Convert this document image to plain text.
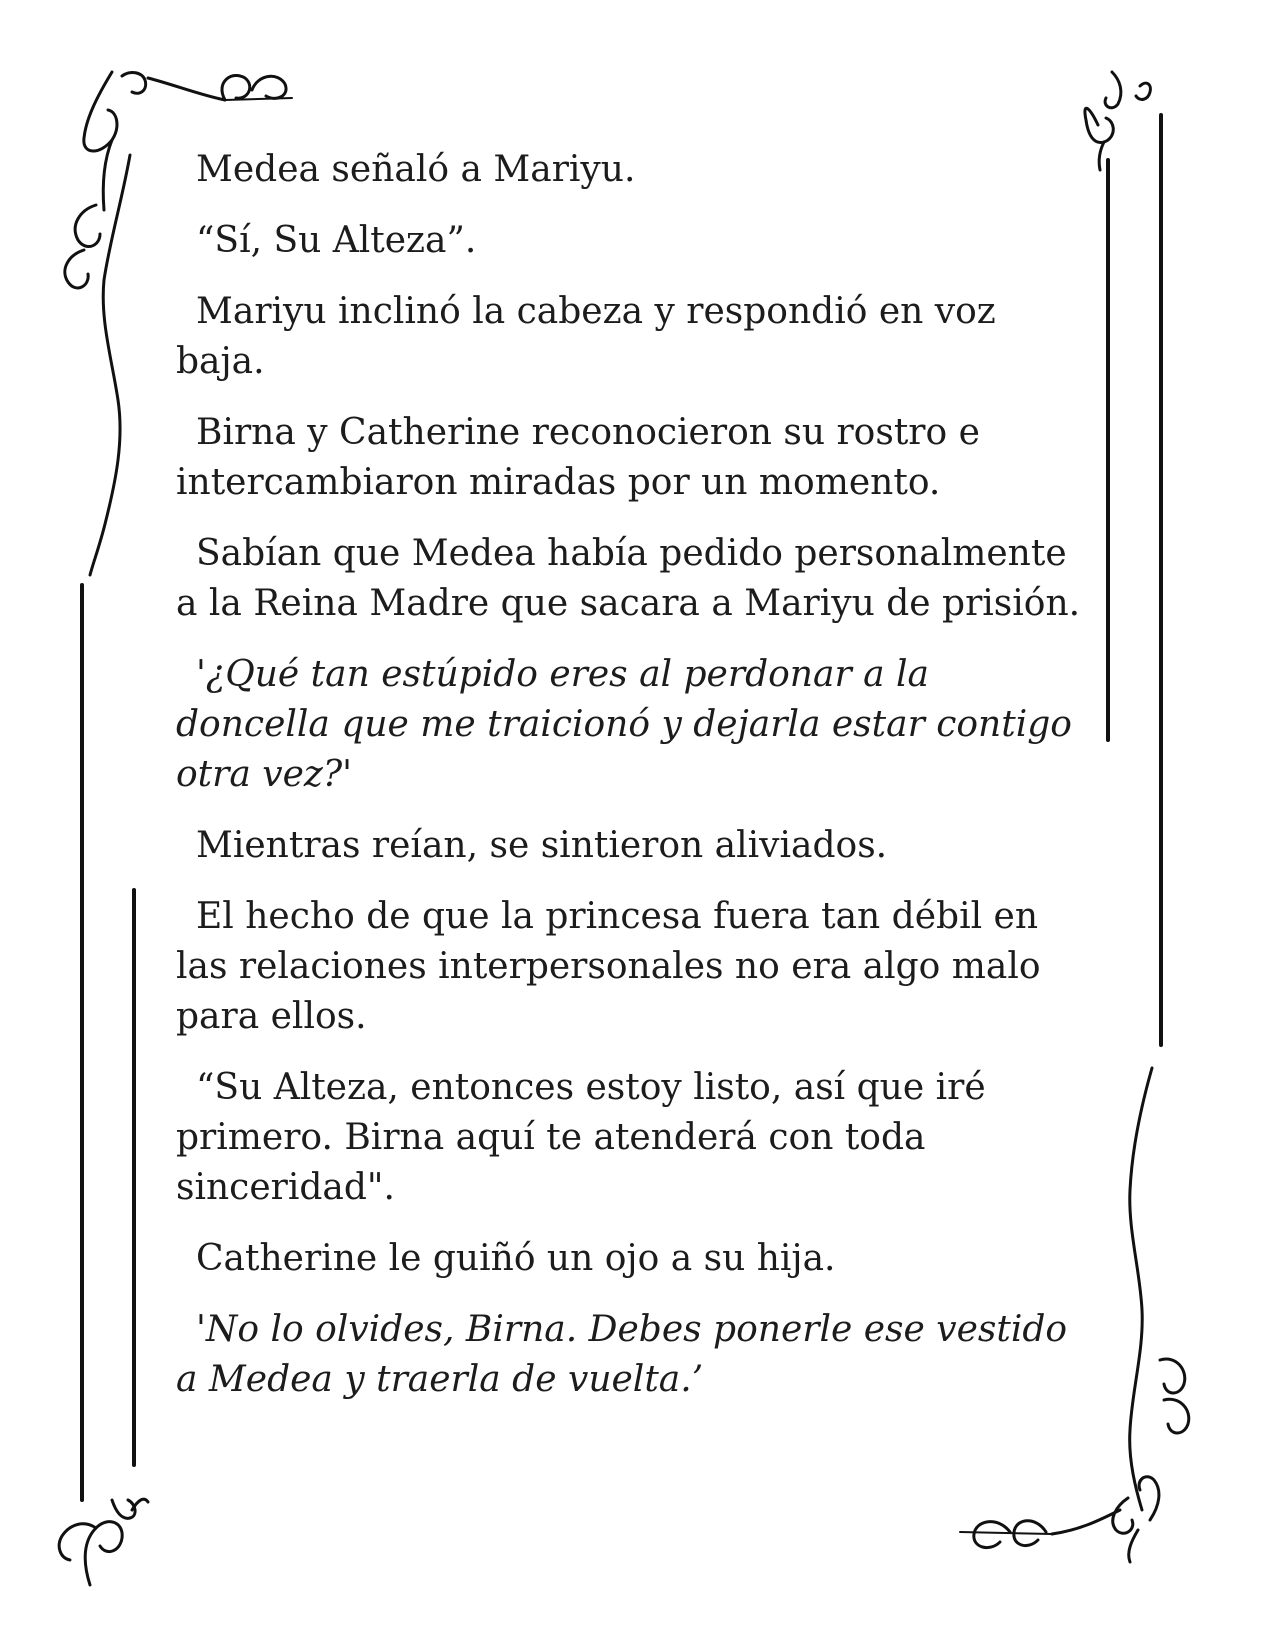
Medea señaló a Mariyu.

“Sí, Su Alteza”.

Mariyu inclinó la cabeza y respondió en voz baja.

Birna y Catherine reconocieron su rostro e intercambiaron miradas por un momento.

Sabían que Medea había pedido personalmente a la Reina Madre que sacara a Mariyu de prisión.

'¿Qué tan estúpido eres al perdonar a la doncella que me traicionó y dejarla estar contigo otra vez?'

Mientras reían, se sintieron aliviados.

El hecho de que la princesa fuera tan débil en las relaciones interpersonales no era algo malo para ellos.

“Su Alteza, entonces estoy listo, así que iré primero. Birna aquí te atenderá con toda sinceridad".

Catherine le guiñó un ojo a su hija.

'No lo olvides, Birna. Debes ponerle ese vestido a Medea y traerla de vuelta.’
